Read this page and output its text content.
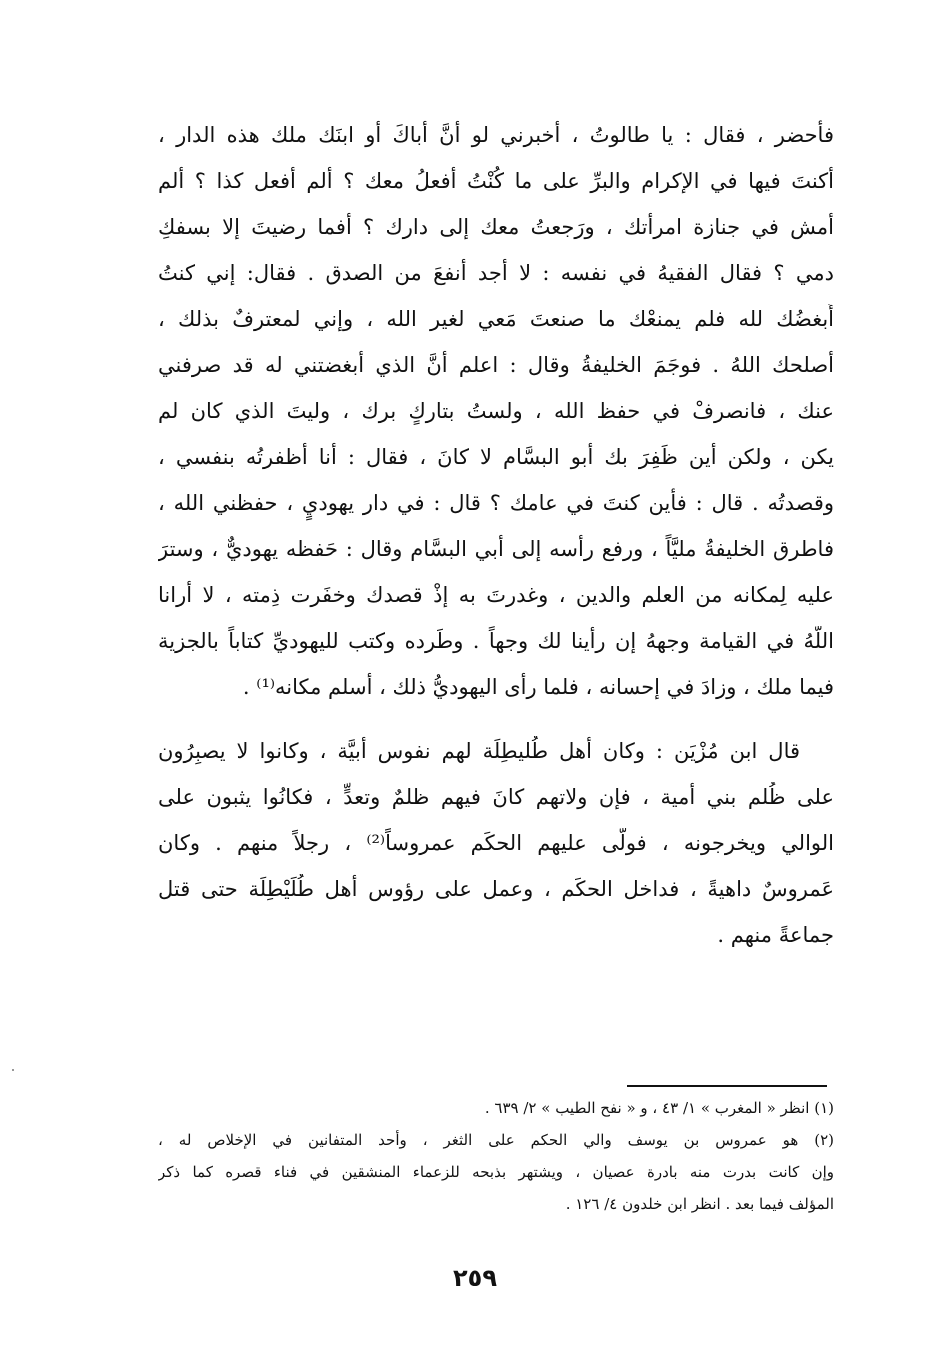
فأحضر ، فقال : يا طالوتُ ، أخبرني لو أنَّ أباكَ أو ابنَك ملك هذه الدار ،
أكنتَ فيها في الإكرام والبرِّ على ما كُنْتُ أفعلُ معك ؟ ألم أفعل كذا ؟ ألم
أمش في جنازة امرأتك ، ورَجعتُ معك إلى دارك ؟ أفما رضيتَ إلا بسفكِ
دمي ؟ فقال الفقيهُ في نفسه : لا أجد أنفعَ من الصدق . فقال: إني كنتُ
أُبغضُك لله فلم يمنعْك ما صنعتَ مَعي لغير الله ، وإني لمعترفٌ بذلك ،
أصلحك اللهُ . فوجَمَ الخليفةُ وقال : اعلم أنَّ الذي أبغضتني له قد صرفني
عنك ، فانصرفْ في حفظ الله ، ولستُ بتاركٍ برك ، وليتَ الذي كان لم
يكن ، ولكن أين ظَفِرَ بك أبو البسَّام لا كانَ ، فقال : أنا أظفرتُه بنفسي ،
وقصدتُه . قال : فأين كنتَ في عامك ؟ قال : في دار يهوديٍ ، حفظني الله ،
فاطرق الخليفةُ مليَّاً ، ورفع رأسه إلى أبي البسَّام وقال : حَفظه يهوديٌّ ، وسترَ
عليه لِمكانه من العلم والدين ، وغدرتَ به إذْ قصدك وخفَرت ذِمته ، لا أرانا
اللّهُ في القيامة وجههُ إن رأينا لك وجهاً . وطَرده وكتب لليهوديِّ كتاباً بالجزية
فيما ملك ، وزادَ في إحسانه ، فلما رأى اليهوديُّ ذلك ، أسلم مكانه⁽¹⁾ .
قال ابن مُزْيَن : وكان أهل طُليطِلَة لهم نفوس أبيَّة ، وكانوا لا يصبِرُون
على ظُلم بني أمية ، فإن ولاتهم كانَ فيهم ظلمٌ وتعدٍّ ، فكانُوا يثبون على
الوالي ويخرجونه ، فولَّى عليهم الحكَم عمروساً⁽²⁾ ، رجلاً منهم . وكان
عَمروسٌ داهيةً ، فداخل الحكَم ، وعمل على رؤوس أهل طُلَيْطِلَة حتى قتل
جماعةً منهم .
(١) انظر « المغرب » ١/ ٤٣ ، و « نفح الطيب » ٢/ ٦٣٩ .
(٢) هو عمروس بن يوسف والي الحكم على الثغر ، وأحد المتفانين في الإخلاص له ،
وإن كانت بدرت منه بادرة عصيان ، ويشتهر بذبحه للزعماء المنشقين في فناء قصره كما ذكر
المؤلف فيما بعد . انظر ابن خلدون ٤/ ١٢٦ .
٢٥٩
